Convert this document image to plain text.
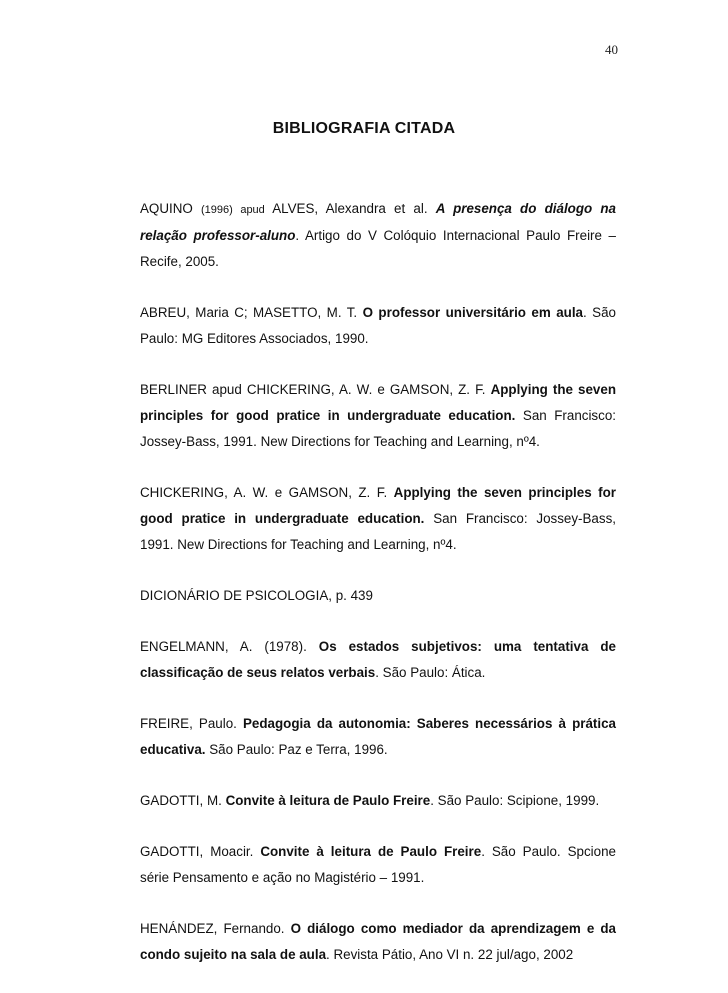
40
BIBLIOGRAFIA CITADA

AQUINO (1996) apud ALVES, Alexandra et al. A presença do diálogo na relação professor-aluno. Artigo do V Colóquio Internacional Paulo Freire – Recife, 2005.

ABREU, Maria C; MASETTO, M. T. O professor universitário em aula. São Paulo: MG Editores Associados, 1990.

BERLINER apud CHICKERING, A. W. e GAMSON, Z. F. Applying the seven principles for good pratice in undergraduate education. San Francisco: Jossey-Bass, 1991. New Directions for Teaching and Learning, nº4.

CHICKERING, A. W. e GAMSON, Z. F. Applying the seven principles for good pratice in undergraduate education. San Francisco: Jossey-Bass, 1991. New Directions for Teaching and Learning, nº4.

DICIONÁRIO DE PSICOLOGIA, p. 439

ENGELMANN, A. (1978). Os estados subjetivos: uma tentativa de classificação de seus relatos verbais. São Paulo: Ática.

FREIRE, Paulo. Pedagogia da autonomia: Saberes necessários à prática educativa. São Paulo: Paz e Terra, 1996.

GADOTTI, M. Convite à leitura de Paulo Freire. São Paulo: Scipione, 1999.

GADOTTI, Moacir. Convite à leitura de Paulo Freire. São Paulo. Spcione série Pensamento e ação no Magistério – 1991.

HENÁNDEZ, Fernando. O diálogo como mediador da aprendizagem e da condo sujeito na sala de aula. Revista Pátio, Ano VI n. 22 jul/ago, 2002
